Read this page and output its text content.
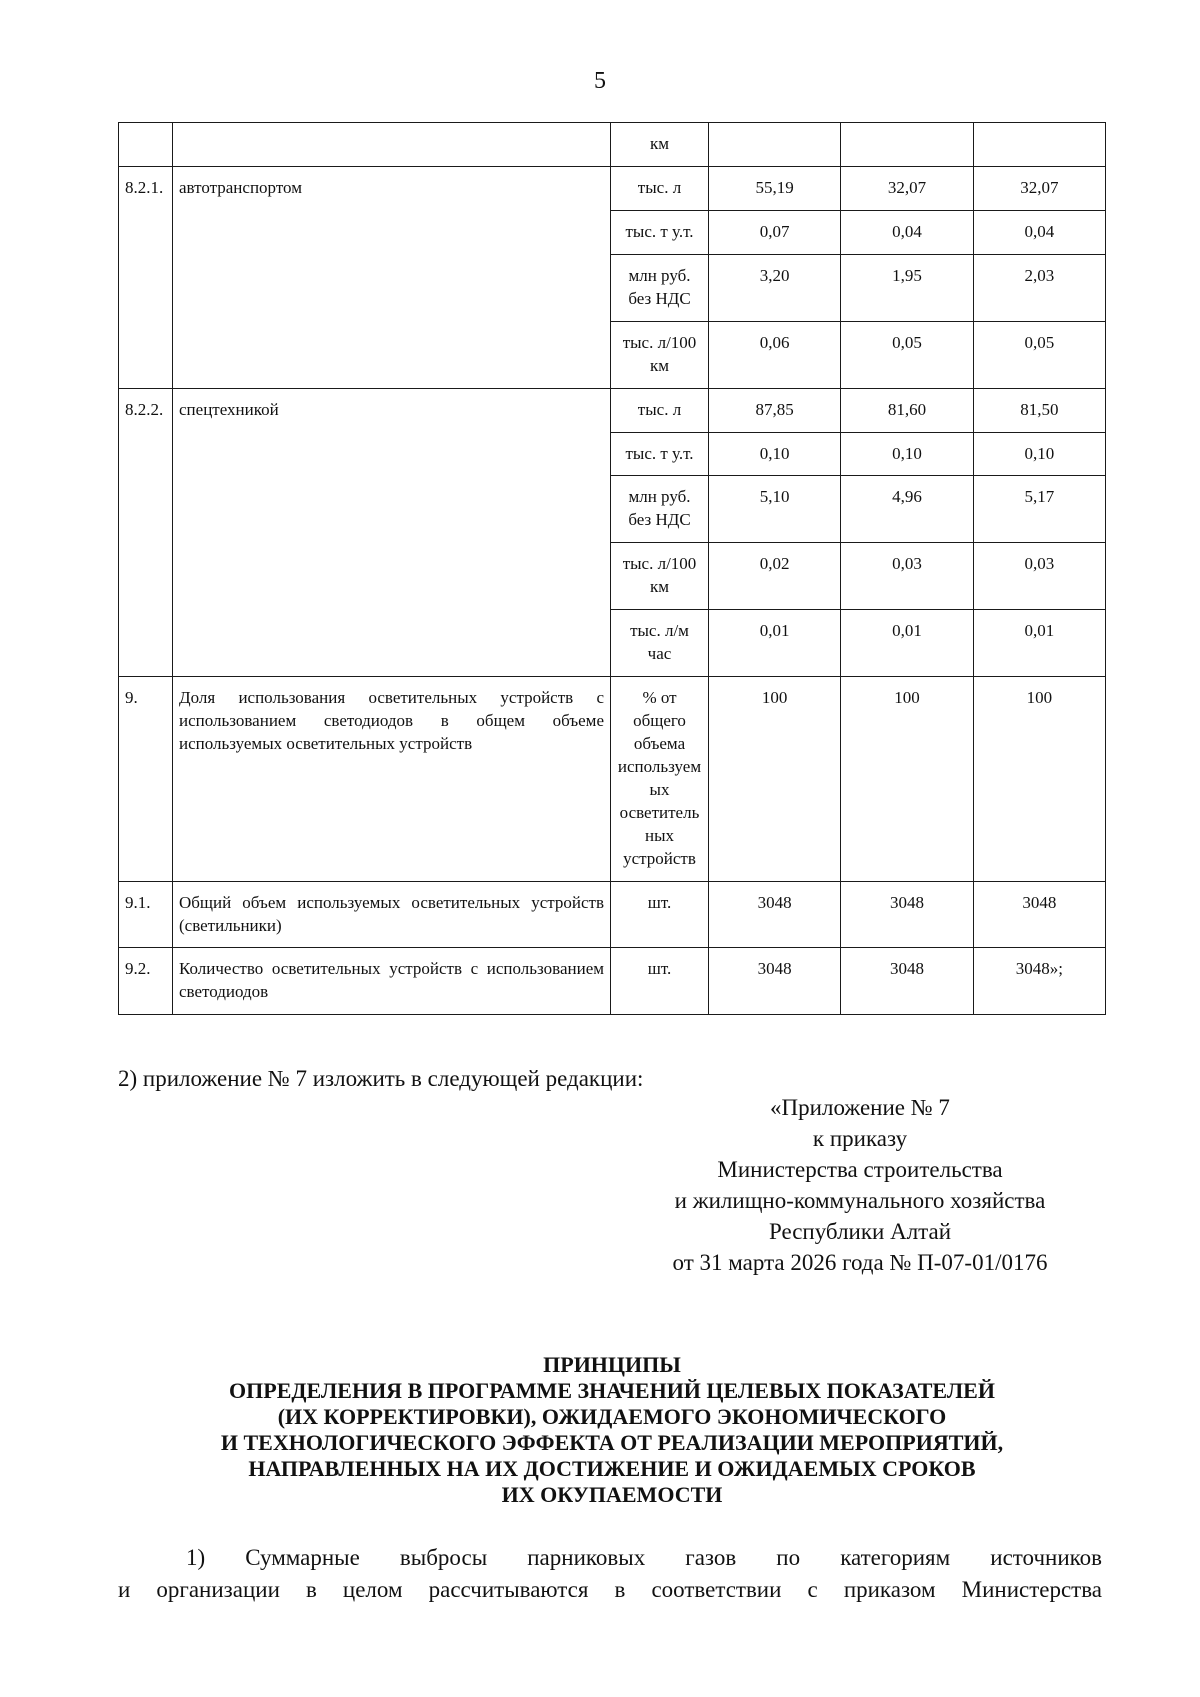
5
		км			
8.2.1.	автотранспортом	тыс. л	55,19	32,07	32,07
		тыс. т у.т.	0,07	0,04	0,04
		млн руб. без НДС	3,20	1,95	2,03
		тыс. л/100 км	0,06	0,05	0,05
8.2.2.	спецтехникой	тыс. л	87,85	81,60	81,50
		тыс. т у.т.	0,10	0,10	0,10
		млн руб. без НДС	5,10	4,96	5,17
		тыс. л/100 км	0,02	0,03	0,03
		тыс. л/м час	0,01	0,01	0,01
9.	Доля использования осветительных устройств с использованием светодиодов в общем объеме используемых осветительных устройств	% от общего объема используем ых осветитель ных устройств	100	100	100
9.1.	Общий объем используемых осветительных устройств (светильники)	шт.	3048	3048	3048
9.2.	Количество осветительных устройств с использованием светодиодов	шт.	3048	3048	3048»;
2) приложение № 7 изложить в следующей редакции:
«Приложение № 7
к приказу
Министерства строительства
и жилищно-коммунального хозяйства
Республики Алтай
от 31 марта 2026 года № П-07-01/0176
ПРИНЦИПЫ
ОПРЕДЕЛЕНИЯ В ПРОГРАММЕ ЗНАЧЕНИЙ ЦЕЛЕВЫХ ПОКАЗАТЕЛЕЙ
(ИХ КОРРЕКТИРОВКИ), ОЖИДАЕМОГО ЭКОНОМИЧЕСКОГО
И ТЕХНОЛОГИЧЕСКОГО ЭФФЕКТА ОТ РЕАЛИЗАЦИИ МЕРОПРИЯТИЙ,
НАПРАВЛЕННЫХ НА ИХ ДОСТИЖЕНИЕ И ОЖИДАЕМЫХ СРОКОВ
ИХ ОКУПАЕМОСТИ
1) Суммарные выбросы парниковых газов по категориям источников
и организации в целом рассчитываются в соответствии с приказом Министерства
